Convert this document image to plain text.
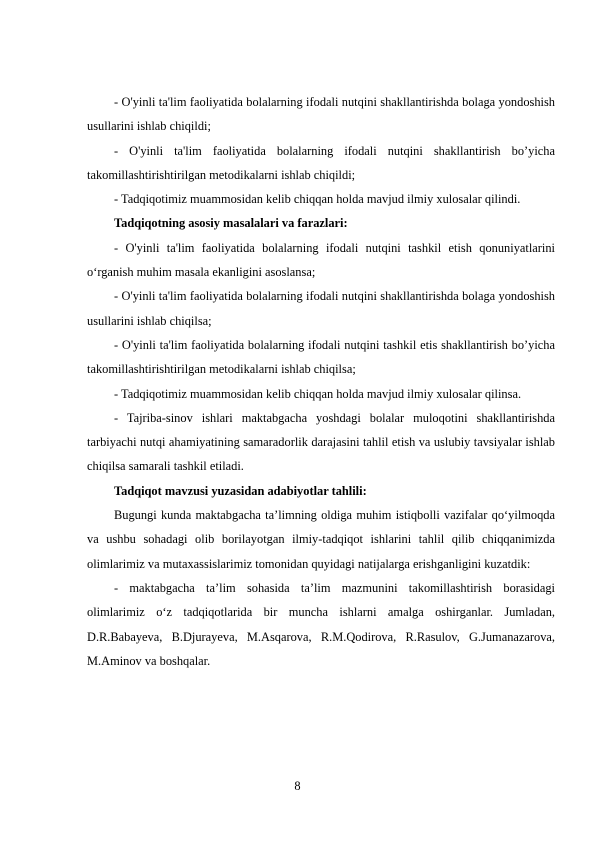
- O'yinli ta'lim faoliyatida bolalarning ifodali nutqini shakllantirishda bolaga yondoshish usullarini ishlab chiqildi;

- O'yinli ta'lim faoliyatida bolalarning ifodali nutqini shakllantirish bo’yicha takomillashtirishtirilgan metodikalarni ishlab chiqildi;

- Tadqiqotimiz muammosidan kelib chiqqan holda mavjud ilmiy xulosalar qilindi.

Tadqiqotning asosiy masalalari va farazlari:

- O'yinli ta'lim faoliyatida bolalarning ifodali nutqini tashkil etish qonuniyatlarini o‘rganish muhim masala ekanligini asoslansa;

- O'yinli ta'lim faoliyatida bolalarning ifodali nutqini shakllantirishda bolaga yondoshish usullarini ishlab chiqilsa;

- O'yinli ta'lim faoliyatida bolalarning ifodali nutqini tashkil etis shakllantirish bo’yicha takomillashtirishtirilgan metodikalarni ishlab chiqilsa;

- Tadqiqotimiz muammosidan kelib chiqqan holda mavjud ilmiy xulosalar qilinsa.

- Tajriba-sinov ishlari maktabgacha yoshdagi bolalar muloqotini shakllantirishda tarbiyachi nutqi ahamiyatining samaradorlik darajasini tahlil etish va uslubiy tavsiyalar ishlab chiqilsa samarali tashkil etiladi.

Tadqiqot mavzusi yuzasidan adabiyotlar tahlili:

Bugungi kunda maktabgacha ta’limning oldiga muhim istiqbolli vazifalar qo‘yilmoqda va ushbu sohadagi olib borilayotgan ilmiy-tadqiqot ishlarini tahlil qilib chiqqanimizda olimlarimiz va mutaxassislarimiz tomonidan quyidagi natijalarga erishganligini kuzatdik:

- maktabgacha ta’lim sohasida ta’lim mazmunini takomillashtirish borasidagi olimlarimiz o‘z tadqiqotlarida bir muncha ishlarni amalga oshirganlar. Jumladan, D.R.Babayeva, B.Djurayeva, M.Asqarova, R.M.Qodirova, R.Rasulov, G.Jumanazarova, M.Aminov va boshqalar.

8
